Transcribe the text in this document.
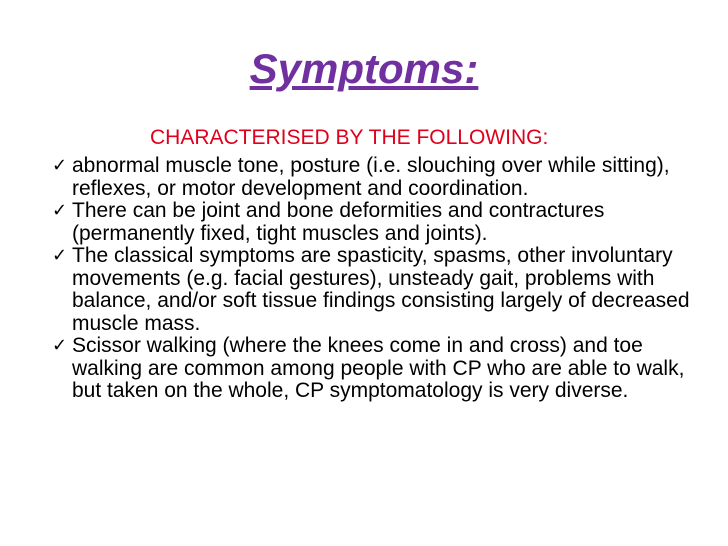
Symptoms:
CHARACTERISED BY THE FOLLOWING:
✓ abnormal muscle tone, posture (i.e. slouching over while sitting), reflexes, or motor development and coordination.
✓ There can be joint and bone deformities and contractures (permanently fixed, tight muscles and joints).
✓ The classical symptoms are spasticity, spasms, other involuntary movements (e.g. facial gestures), unsteady gait, problems with balance, and/or soft tissue findings consisting largely of decreased muscle mass.
✓ Scissor walking (where the knees come in and cross) and toe walking are common among people with CP who are able to walk, but taken on the whole, CP symptomatology is very diverse.
